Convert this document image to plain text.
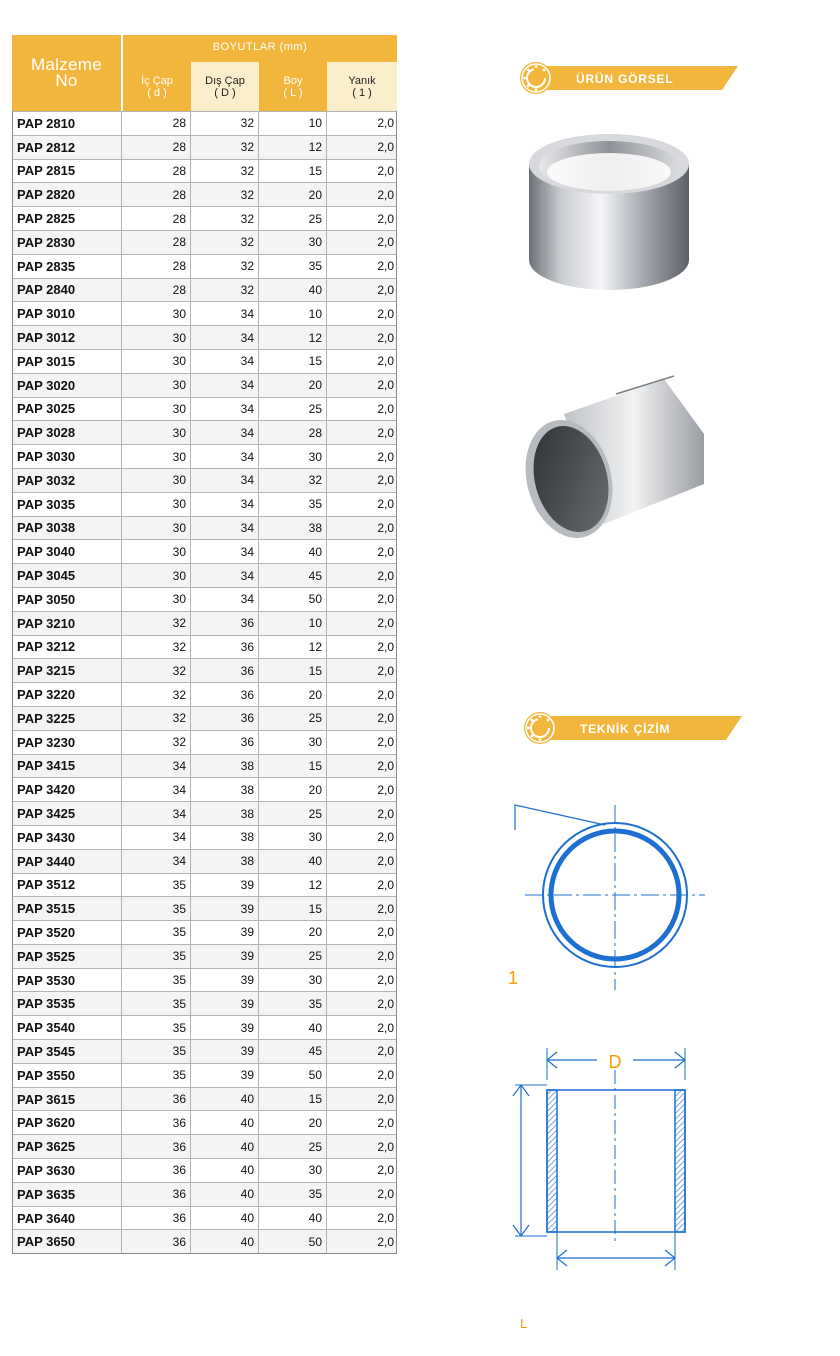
Malzeme
No
BOYUTLAR (mm)
İç Çap
( d )
Dış Çap
( D )
Boy
( L )
Yanık
( 1 )
PAP 2810	28	32	10	2,0
PAP 2812	28	32	12	2,0
PAP 2815	28	32	15	2,0
PAP 2820	28	32	20	2,0
PAP 2825	28	32	25	2,0
PAP 2830	28	32	30	2,0
PAP 2835	28	32	35	2,0
PAP 2840	28	32	40	2,0
PAP 3010	30	34	10	2,0
PAP 3012	30	34	12	2,0
PAP 3015	30	34	15	2,0
PAP 3020	30	34	20	2,0
PAP 3025	30	34	25	2,0
PAP 3028	30	34	28	2,0
PAP 3030	30	34	30	2,0
PAP 3032	30	34	32	2,0
PAP 3035	30	34	35	2,0
PAP 3038	30	34	38	2,0
PAP 3040	30	34	40	2,0
PAP 3045	30	34	45	2,0
PAP 3050	30	34	50	2,0
PAP 3210	32	36	10	2,0
PAP 3212	32	36	12	2,0
PAP 3215	32	36	15	2,0
PAP 3220	32	36	20	2,0
PAP 3225	32	36	25	2,0
PAP 3230	32	36	30	2,0
PAP 3415	34	38	15	2,0
PAP 3420	34	38	20	2,0
PAP 3425	34	38	25	2,0
PAP 3430	34	38	30	2,0
PAP 3440	34	38	40	2,0
PAP 3512	35	39	12	2,0
PAP 3515	35	39	15	2,0
PAP 3520	35	39	20	2,0
PAP 3525	35	39	25	2,0
PAP 3530	35	39	30	2,0
PAP 3535	35	39	35	2,0
PAP 3540	35	39	40	2,0
PAP 3545	35	39	45	2,0
PAP 3550	35	39	50	2,0
PAP 3615	36	40	15	2,0
PAP 3620	36	40	20	2,0
PAP 3625	36	40	25	2,0
PAP 3630	36	40	30	2,0
PAP 3635	36	40	35	2,0
PAP 3640	36	40	40	2,0
PAP 3650	36	40	50	2,0
ÜRÜN GÖRSEL
TEKNİK ÇİZİM
1
D
L
